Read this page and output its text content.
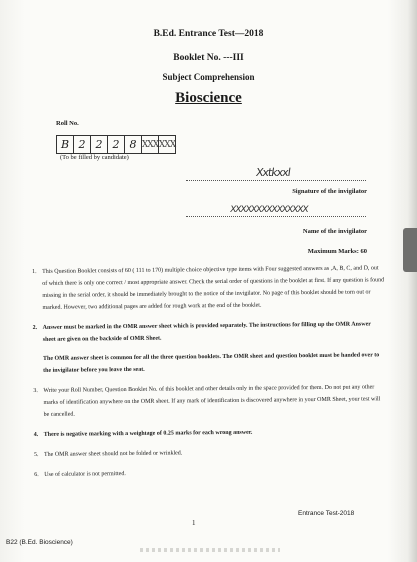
B.Ed. Entrance Test—2018
Booklet No. ---III
Subject Comprehension
Bioscience
Roll No.
B 2 2 2 8 XXX XXX
(To be filled by candidate)
Xxtkxxl
Signature of the invigilator
XXXXXXXXXXXXXXX
Name of the invigilator
Maximum Marks: 60
1. This Question Booklet consists of 60 ( 111 to 170) multiple choice objective type items with Four suggested answers as ,A, B, C, and D, out of which there is only one correct / most appropriate answer. Check the serial order of questions in the booklet at first. If any question is found missing in the serial order, it should be immediately brought to the notice of the invigilator. No page of this booklet should be torn out or marked. However, two additional pages are added for rough work at the end of the booklet.

2. Answer must be marked in the OMR answer sheet which is provided separately. The instructions for filling up the OMR Answer sheet are given on the backside of OMR Sheet.

The OMR answer sheet is common for all the three question booklets. The OMR sheet and question booklet must be handed over to the invigilator before you leave the seat.

3. Write your Roll Number, Question Booklet No. of this booklet and other details only in the space provided for them. Do not put any other marks of identification anywhere on the OMR sheet. If any mark of identification is discovered anywhere in your OMR Sheet, your test will be cancelled.

4. There is negative marking with a weightage of 0.25 marks for each wrong answer.

5. The OMR answer sheet should not be folded or wrinkled.

6. Use of calculator is not permitted.

1
Entrance Test-2018
B22 (B.Ed. Bioscience)
